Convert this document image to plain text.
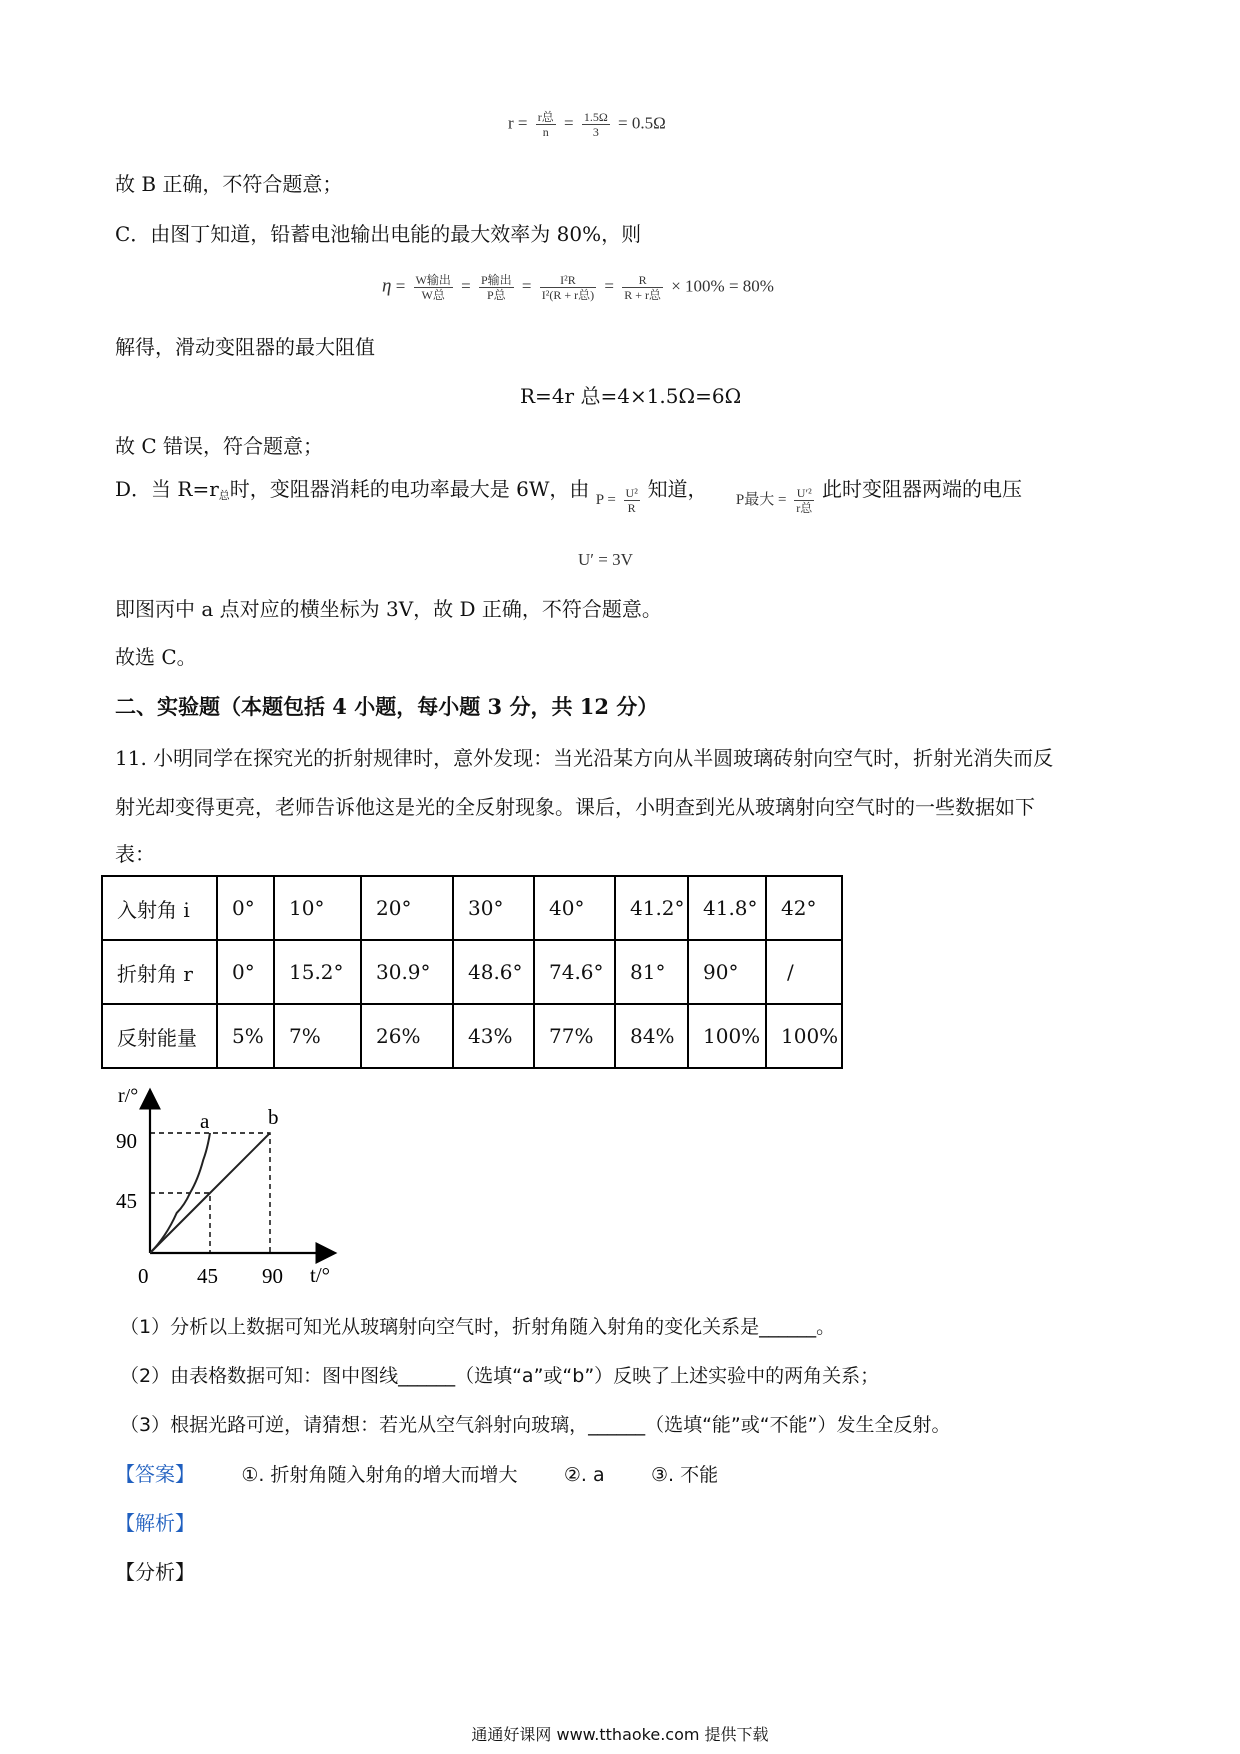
$r = \frac{\text{r总}}{n} = \frac{1.5\Omega}{3} = 0.5\Omega$
故 B 正确，不符合题意；
C．由图丁知道，铅蓄电池输出电能的最大效率为 80%，则
$\eta = \frac{\text{W输出}}{\text{W总}} = \frac{\text{P输出}}{\text{P总}} = \frac{\text{I²R}}{\text{I²(R + r总)}} = \frac{R}{\text{R + r总}} \times 100\% = 80\%$
解得，滑动变阻器的最大阻值
R=4r 总=4×1.5Ω=6Ω
故 C 错误，符合题意；
D．当 $R=r_总$时，变阻器消耗的电功率最大是 6W，由 $_{P = \frac{\text{U²}}{R}}$ 知道， $_{P最大 = \frac{\text{U′²}}{\text{r总}}}$ 此时变阻器两端的电压
U′ = 3V
即图丙中 a 点对应的横坐标为 3V，故 D 正确，不符合题意。
故选 C。
二、实验题（本题包括 4 小题，每小题 3 分，共 12 分）
11. 小明同学在探究光的折射规律时，意外发现：当光沿某方向从半圆玻璃砖射向空气时，折射光消失而反
射光却变得更亮，老师告诉他这是光的全反射现象。课后，小明查到光从玻璃射向空气时的一些数据如下
表：
入射角 i	0°	10°	20°	30°	40°	41.2°	41.8°	42°
折射角 r	0°	15.2°	30.9°	48.6°	74.6°	81°	90°	/
反射能量	5%	7%	26%	43%	77%	84%	100%	100%
r/°
t/°
0 45 90
45
90
a	b
（1）分析以上数据可知光从玻璃射向空气时，折射角随入射角的变化关系是______。
（2）由表格数据可知：图中图线______（选填“a”或“b”）反映了上述实验中的两角关系；
（3）根据光路可逆，请猜想：若光从空气斜射向玻璃，______（选填“能”或“不能”）发生全反射。
【答案】 ①. 折射角随入射角的增大而增大 ②. a ③. 不能
【解析】
【分析】
通通好课网 www.tthaoke.com 提供下载
